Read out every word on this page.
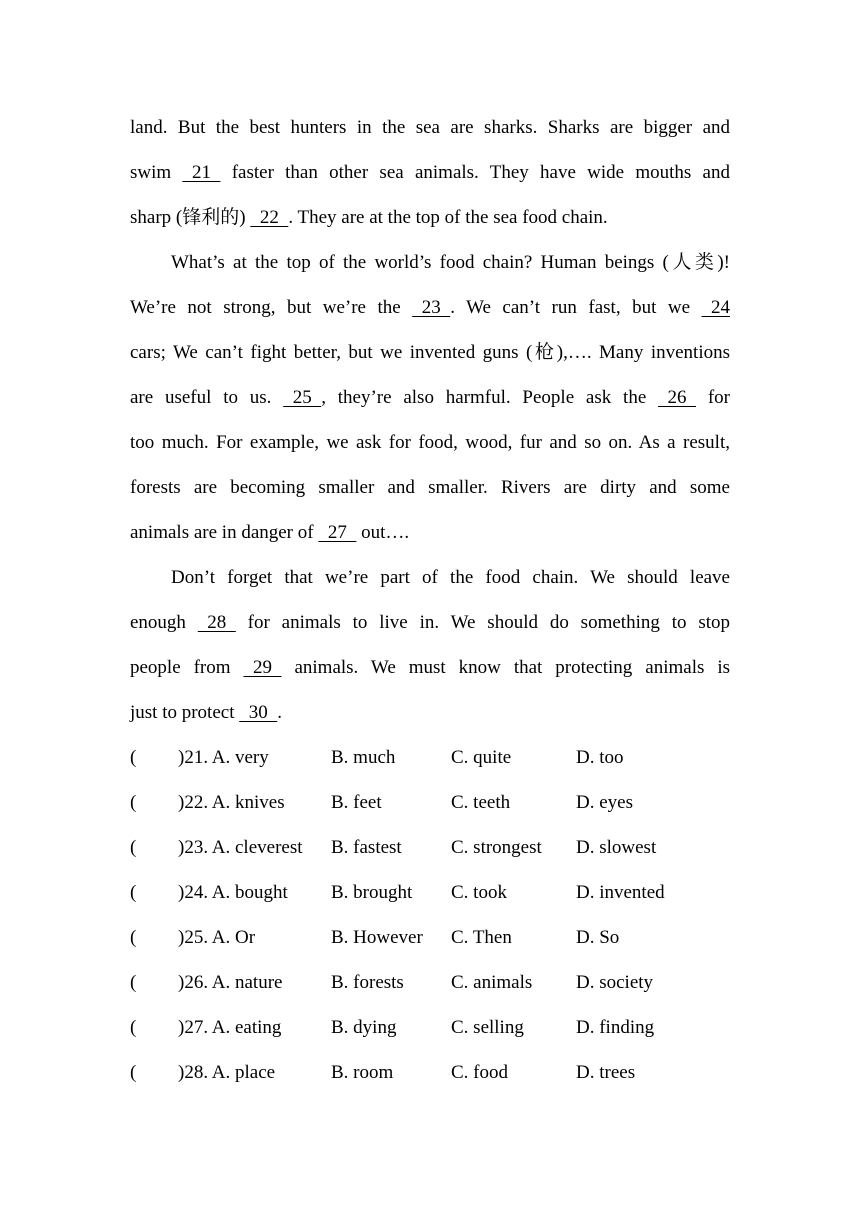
land. But the best hunters in the sea are sharks. Sharks are bigger and
swim   21   faster than other sea animals. They have wide mouths and
sharp (锋利的)   22  . They are at the top of the sea food chain.
What’s at the top of the world’s food chain? Human beings (人类)!
We’re not strong, but we’re the   23  . We can’t run fast, but we   24
cars; We can’t fight better, but we invented guns (枪),…. Many inventions
are useful to us.   25  , they’re also harmful. People ask the   26   for
too much. For example, we ask for food, wood, fur and so on. As a result,
forests are becoming smaller and smaller. Rivers are dirty and some
animals are in danger of   27   out….
Don’t forget that we’re part of the food chain. We should leave
enough   28   for animals to live in. We should do something to stop
people from   29   animals. We must know that protecting animals is
just to protect   30  .
( )21. A. very	B. much	C. quite	D. too
( )22. A. knives B. feet	C. teeth	D. eyes
( )23. A. cleverest B. fastest	C. strongest D. slowest
( )24. A. bought B. brought C. took	D. invented
( )25. A. Or	B. However C. Then	D. So
( )26. A. nature	B. forests C. animals D. society
( )27. A. eating	B. dying	C. selling	D. finding
( )28. A. place	B. room	C. food	D. trees
